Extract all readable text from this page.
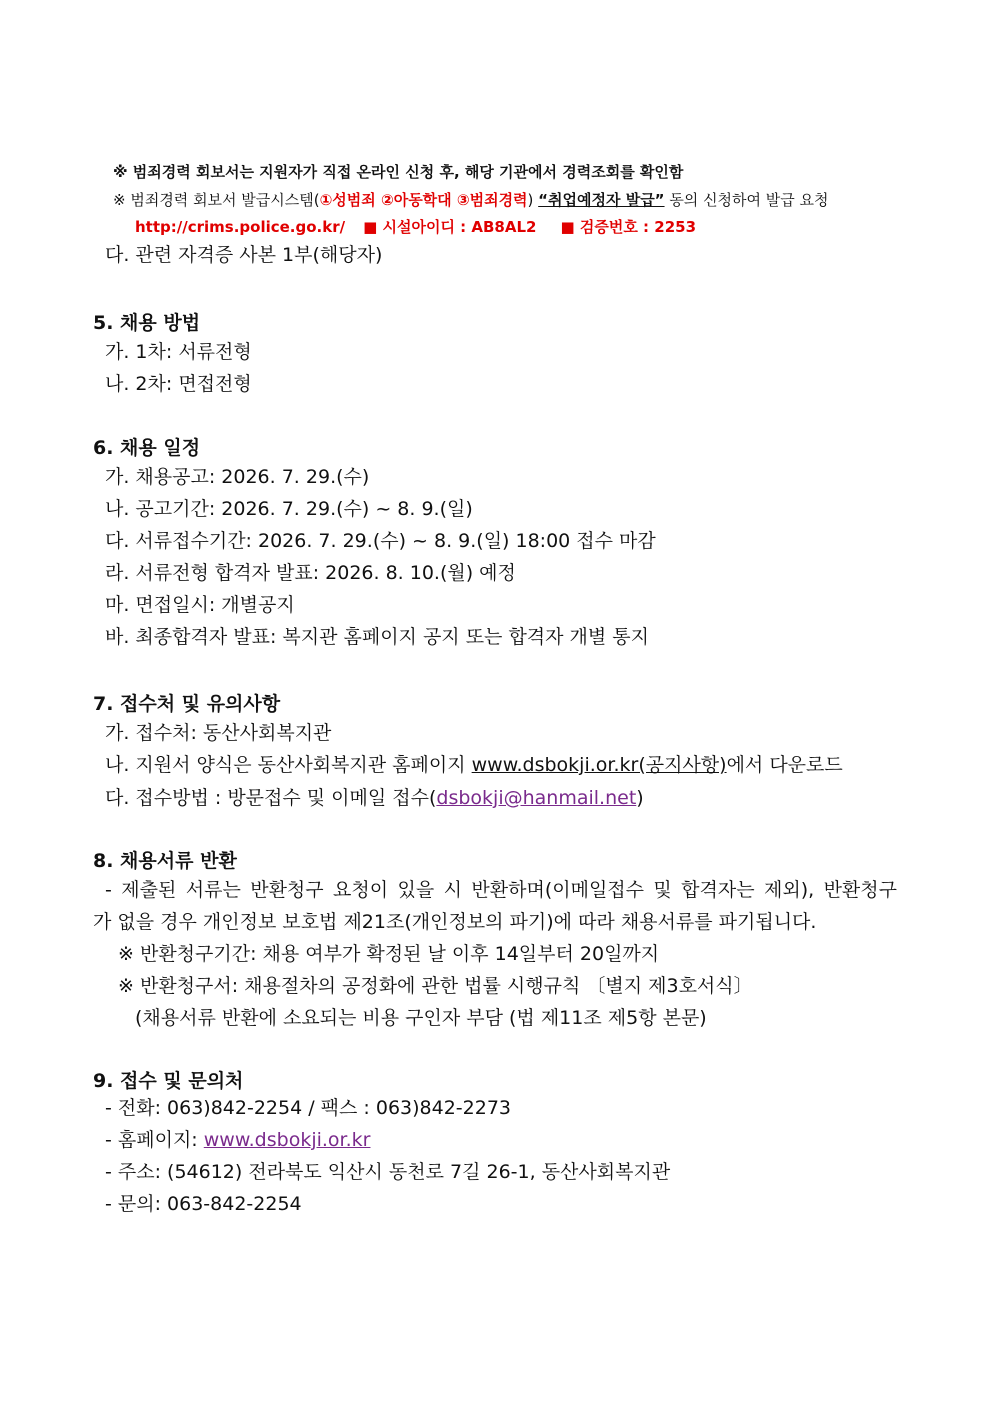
※ 범죄경력 회보서는 지원자가 직접 온라인 신청 후, 해당 기관에서 경력조회를 확인함
※ 범죄경력 회보서 발급시스템(①성범죄 ②아동학대 ③범죄경력) “취업예정자 발급” 동의 신청하여 발급 요청
http://crims.police.go.kr/ ■ 시설아이디 : AB8AL2 ■ 검증번호 : 2253
다. 관련 자격증 사본 1부(해당자)
5. 채용 방법
가. 1차: 서류전형
나. 2차: 면접전형
6. 채용 일정
가. 채용공고: 2026. 7. 29.(수)
나. 공고기간: 2026. 7. 29.(수) ~ 8. 9.(일)
다. 서류접수기간: 2026. 7. 29.(수) ~ 8. 9.(일) 18:00 접수 마감
라. 서류전형 합격자 발표: 2026. 8. 10.(월) 예정
마. 면접일시: 개별공지
바. 최종합격자 발표: 복지관 홈페이지 공지 또는 합격자 개별 통지
7. 접수처 및 유의사항
가. 접수처: 동산사회복지관
나. 지원서 양식은 동산사회복지관 홈페이지 www.dsbokji.or.kr(공지사항)에서 다운로드
다. 접수방법 : 방문접수 및 이메일 접수(dsbokji@hanmail.net)
8. 채용서류 반환
- 제출된 서류는 반환청구 요청이 있을 시 반환하며(이메일접수 및 합격자는 제외), 반환청구
가 없을 경우 개인정보 보호법 제21조(개인정보의 파기)에 따라 채용서류를 파기됩니다.
※ 반환청구기간: 채용 여부가 확정된 날 이후 14일부터 20일까지
※ 반환청구서: 채용절차의 공정화에 관한 법률 시행규칙 〔별지 제3호서식〕
(채용서류 반환에 소요되는 비용 구인자 부담 (법 제11조 제5항 본문)
9. 접수 및 문의처
- 전화: 063)842-2254 / 팩스 : 063)842-2273
- 홈페이지: www.dsbokji.or.kr
- 주소: (54612) 전라북도 익산시 동천로 7길 26-1, 동산사회복지관
- 문의: 063-842-2254
